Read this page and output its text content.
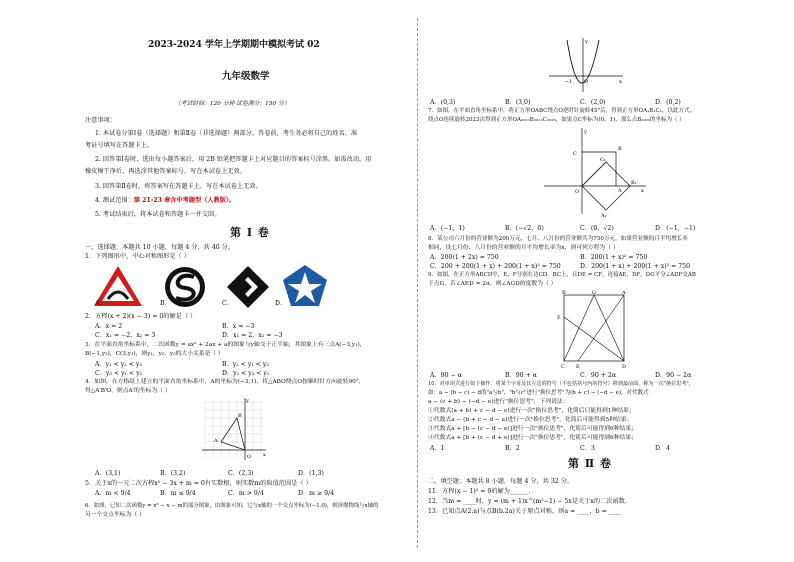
2023-2024 学年上学期期中模拟考试 02
九年级数学
（考试时间：120 分钟 试卷满分：150 分）
注意事项：
1. 本试卷分第Ⅰ卷（选择题）和第Ⅱ卷（非选择题）两部分。答卷前，考生务必将自己的姓名、准
考证号填写在答题卡上。
2. 回答第Ⅰ卷时，选出每小题答案后，用 2B 铅笔把答题卡上对应题目的答案标号涂黑。如需改动，用
橡皮擦干净后，再选涂其他答案标号。写在本试卷上无效。
3. 回答第Ⅱ卷时，将答案写在答题卡上。写在本试卷上无效。
4. 测试范围：第 21-23 章含中考题型（人教版）。
5. 考试结束后，将本试卷和答题卡一并交回。
第 Ⅰ 卷
一、选择题：本题共 10 小题，每题 4 分，共 40 分。
1．下列图形中，中心对称图形是（ ）
A．	B．	C．	D．
2．方程(x + 2)(x − 3) = 0的解是（ ）
A．x = 2	B．x = −3
C．x₁ = −2，x₂ = 3	D．x₁ = 2，x₂ = −3
3．在平面直角坐标系中，二次函数y = ax² + 2ax + a的图象与y轴交于正半轴，其图象上有三点A(−3,y₁)，
B(−1,y₂)，C(3,y₃)，则y₁，y₂，y₃的大小关系是（ ）
A．y₁ < y₂ < y₃	B．y₂ < y₁ < y₃
C．y₃ < y₁ < y₂	D．y₂ < y₃ < y₁
4．如图，在方格纸上建立的平面直角坐标系中，A的坐标为(−3,1)，将△ABO绕点O按顺时针方向旋转90°，
得△A′B′O，则点A′的坐标为（ ）
y
B
A
O x
A．(3,1)	B．(3,2)	C．(2,3)	D．(1,3)
5．关于x的一元二次方程x² − 3x + m = 0有实数根，则实数m的取值范围是（ ）
A．m < 9/4	B．m ≤ 9/4	C．m > 9/4	D．m ≥ 9/4
6．如图，已知二次函数y = x² − x − m的部分图象，由图象可知，它与x轴的一个交点坐标为(−1,0)，则该抛物线与x轴的
另一个交点坐标为（ ）
y
−1 O	x
A．(0,3)	B．(3,0)	C．(2,0)	D．(0,2)
7．如图，在平面直角坐标系中，将正方形OABC绕点O逆时针旋转45°后，得到正方形OA₁B₁C₁，以此方式，
绕点O连续旋转2023次得到正方形OA₂₀₂₃B₂₀₂₃C₂₀₂₃，如果点C坐标为(0，1)，那么点B₂₀₂₃的坐标为（ ）
y
C
C₁
B
B₁
A
O	x
A₁
A．(−1，1)	B．(−√2，0)	C．(0，√2)	D．(−1，−1)
8．某公司六月份的营业额为200万元，七月、八月份的营业额共为750万元，如果营业额的月平均增长率
相同，设七月份、八月份的营业额的月平均增长率为x，则可列方程为（ ）
A．200(1 + 2x) = 750	B．200(1 + x)² = 750
C．200 + 200(1 + x) + 200(1 + x)² = 750	D．200(1 + x) + 200(1 + x)² = 750
9．如图，在正方形ABCD中，E，F分别在边CD，BC上，且DE = CF，连接AE，DF，DG平分∠ADF交AB
于点G，若∠AED = 2α，则∠AGD的度数为（ ）
B	G	A
F
C E	D
A．90 − α	B．90 + α	C．90 + 2α	D．90 − 2α
10．对单项式进行如下操作：将某个字母及其左边的符号（不包括括号内的符号）移到最前面，称为一次"换位思考"，
如：a − (b − c) − d的"a与b"，"b与c"进行"换位思考"为(b + c) − (−d − e)，对代数式
a − (c + b) − (−d − e)进行"换位思考"，下列说法：
①代数式(a + b) + c − d − e)进行一次"换位思考"，化简后只能得到1种结果；
②代数式a − (b + c − d − e)进行一次"换位思考"，化简后可能得到5种结果；
③代数式a + [b − (c − d − e)]进行一次"换位思考"，化简后可能得到6种结果；
④代数式a + [b + (c − d + e)]进行一次"换位思考"，化简后可能得到6种结果；
A．1	B．2	C．3	D．4
第 Ⅱ 卷
二、填空题：本题共 8 小题，每题 4 分，共 32 分。
11．方程(x − 1)² = 9的解为______.
12．当m = ____时，y = (m + 1)x^(m²−1) − 5x是关于x的二次函数.
13．已知点A(2.a)与点B(b.2a)关于原点对称，则a = ____，b = ____
